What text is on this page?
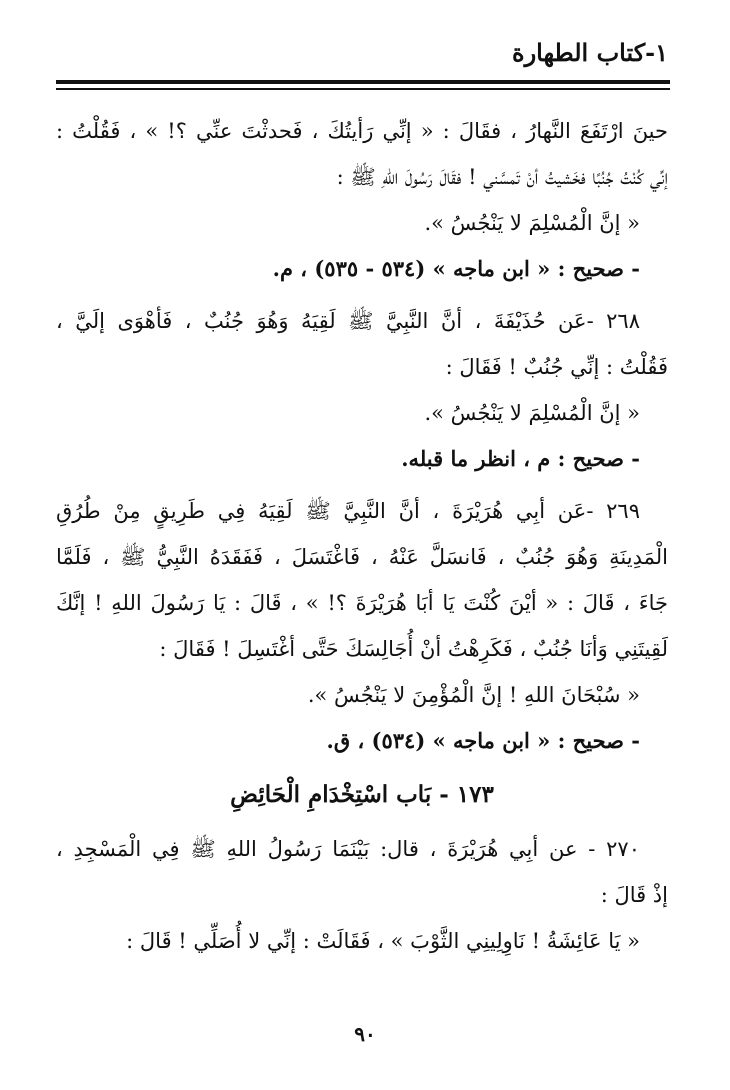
١-كتاب الطهارة
حينَ ارْتَفَعَ النَّهارُ ، فقَالَ : « إنِّي رَأيتُكَ ، فَحدثْتَ عنِّي ؟! » ، فَقُلْتُ :
إنِّي كُنْتُ جُنُبًا فخَشيتُ أنْ تَمسَّني ! فقَالَ رَسُولَ اللهِ ﷺ :
« إنَّ الْمُسْلِمَ لا يَنْجُسُ ».
- صحيح : « ابن ماجه » (٥٣٤ - ٥٣٥) ، م.
٢٦٨ -عَن حُذَيْفَةَ ، أنَّ النَّبِيَّ ﷺ لَقِيَهُ وَهُوَ جُنُبٌ ، فَأهْوَى إلَيَّ ،
فَقُلْتُ : إنِّي جُنُبٌ ! فَقَالَ :
« إنَّ الْمُسْلِمَ لا يَنْجُسُ ».
- صحيح : م ، انظر ما قبله.
٢٦٩ -عَن أبِي هُرَيْرَةَ ، أنَّ النَّبِيَّ ﷺ لَقِيَهُ فِي طَرِيقٍ مِنْ طُرُقِ
الْمَدِينَةِ وَهُوَ جُنُبٌ ، فَانسَلَّ عَنْهُ ، فَاغْتَسَلَ ، فَفَقَدَهُ النَّبِيُّ ﷺ ، فَلَمَّا
جَاءَ ، قَالَ : « أيْنَ كُنْتَ يَا أبَا هُرَيْرَةَ ؟! » ، قَالَ : يَا رَسُولَ اللهِ ! إنَّكَ
لَقِيتَنِي وَأنَا جُنُبٌ ، فَكَرِهْتُ أنْ أُجَالِسَكَ حَتَّى أغْتَسِلَ ! فَقَالَ :
« سُبْحَانَ اللهِ ! إنَّ الْمُؤْمِنَ لا يَنْجُسُ ».
- صحيح : « ابن ماجه » (٥٣٤) ، ق.
١٧٣ - بَاب اسْتِخْدَامِ الْحَائِضِ
٢٧٠ - عن أبِي هُرَيْرَةَ ، قال: بَيْنَمَا رَسُولُ اللهِ ﷺ فِي الْمَسْجِدِ ،
إذْ قَالَ :
« يَا عَائِشَةُ ! نَاوِلِينِي الثَّوْبَ » ، فَقَالَتْ : إنِّي لا أُصَلِّي ! قَالَ :
٩٠
